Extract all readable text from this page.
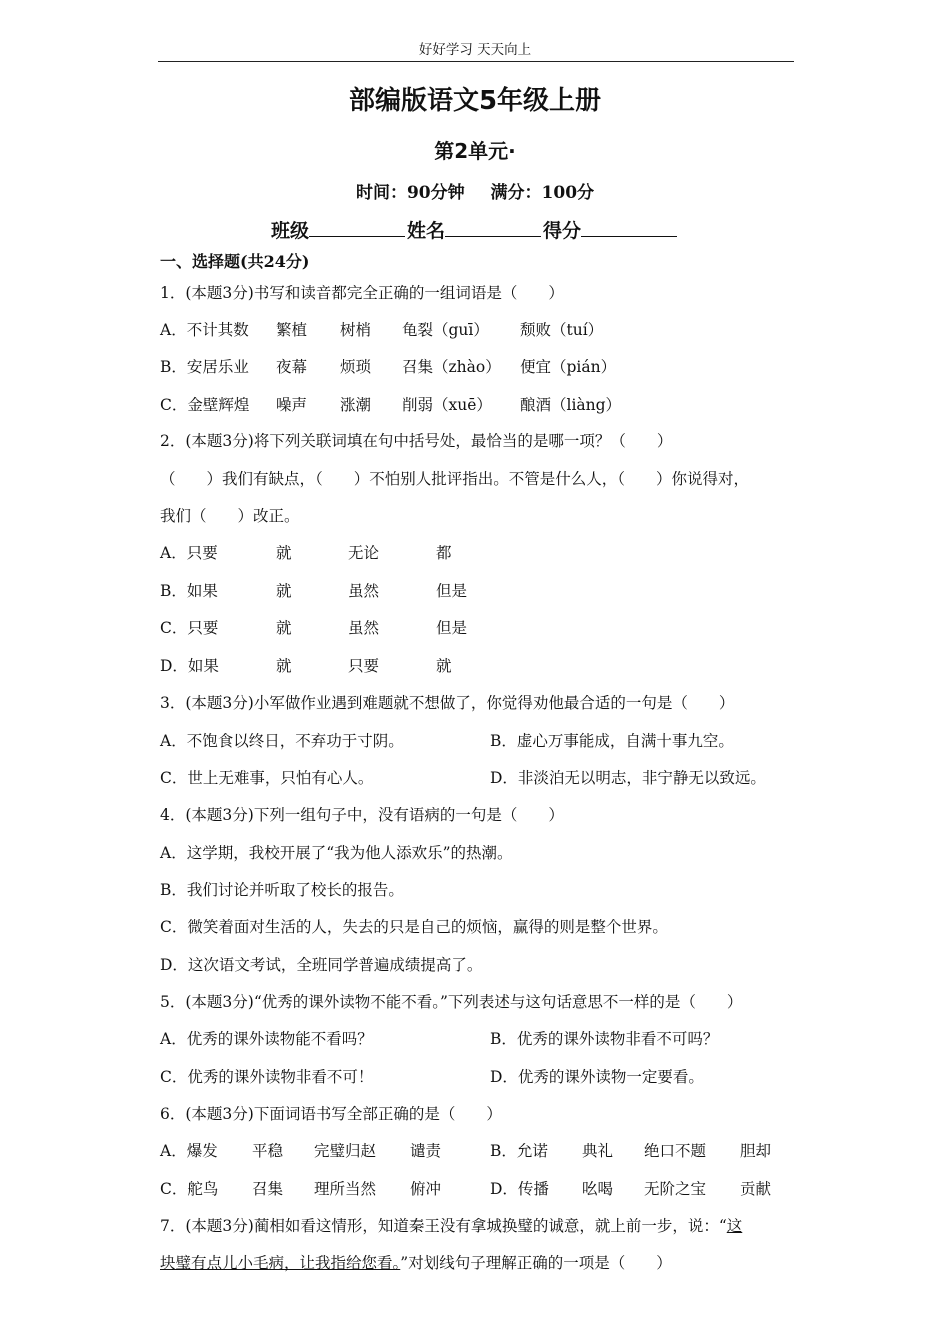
好好学习 天天向上
部编版语文5年级上册
第2单元·
时间：90分钟 满分：100分
班级	姓名	得分
一、选择题(共24分)
1．(本题3分)书写和读音都完全正确的一组词语是（　　）
A．不计其数 繁植 树梢 龟裂（guī） 颓败（tuí）
B．安居乐业 夜幕 烦琐 召集（zhào） 便宜（pián）
C．金壁辉煌 噪声 涨潮 削弱（xuē） 酿酒（liàng）
2．(本题3分)将下列关联词填在句中括号处，最恰当的是哪一项？（　　）
（　　）我们有缺点，（　　）不怕别人批评指出。不管是什么人，（　　）你说得对，
我们（　　）改正。
A．只要	就	无论	都
B．如果	就	虽然	但是
C．只要	就	虽然	但是
D．如果	就	只要	就
3．(本题3分)小军做作业遇到难题就不想做了，你觉得劝他最合适的一句是（　　）
A．不饱食以终日，不弃功于寸阴。	B．虚心万事能成，自满十事九空。
C．世上无难事，只怕有心人。	D．非淡泊无以明志，非宁静无以致远。
4．(本题3分)下列一组句子中，没有语病的一句是（　　）
A．这学期，我校开展了“我为他人添欢乐”的热潮。
B．我们讨论并听取了校长的报告。
C．微笑着面对生活的人，失去的只是自己的烦恼，赢得的则是整个世界。
D．这次语文考试，全班同学普遍成绩提高了。
5．(本题3分)“优秀的课外读物不能不看。”下列表述与这句话意思不一样的是（　　）
A．优秀的课外读物能不看吗？	B．优秀的课外读物非看不可吗？
C．优秀的课外读物非看不可！	D．优秀的课外读物一定要看。
6．(本题3分)下面词语书写全部正确的是（　　）
A．爆发 平稳 完璧归赵 谴责	B．允诺 典礼 绝口不题 胆却
C．舵鸟 召集 理所当然 俯冲	D．传播 吆喝 无阶之宝 贡献
7．(本题3分)蔺相如看这情形，知道秦王没有拿城换璧的诚意，就上前一步，说：“这
块璧有点儿小毛病，让我指给您看。”对划线句子理解正确的一项是（　　）
